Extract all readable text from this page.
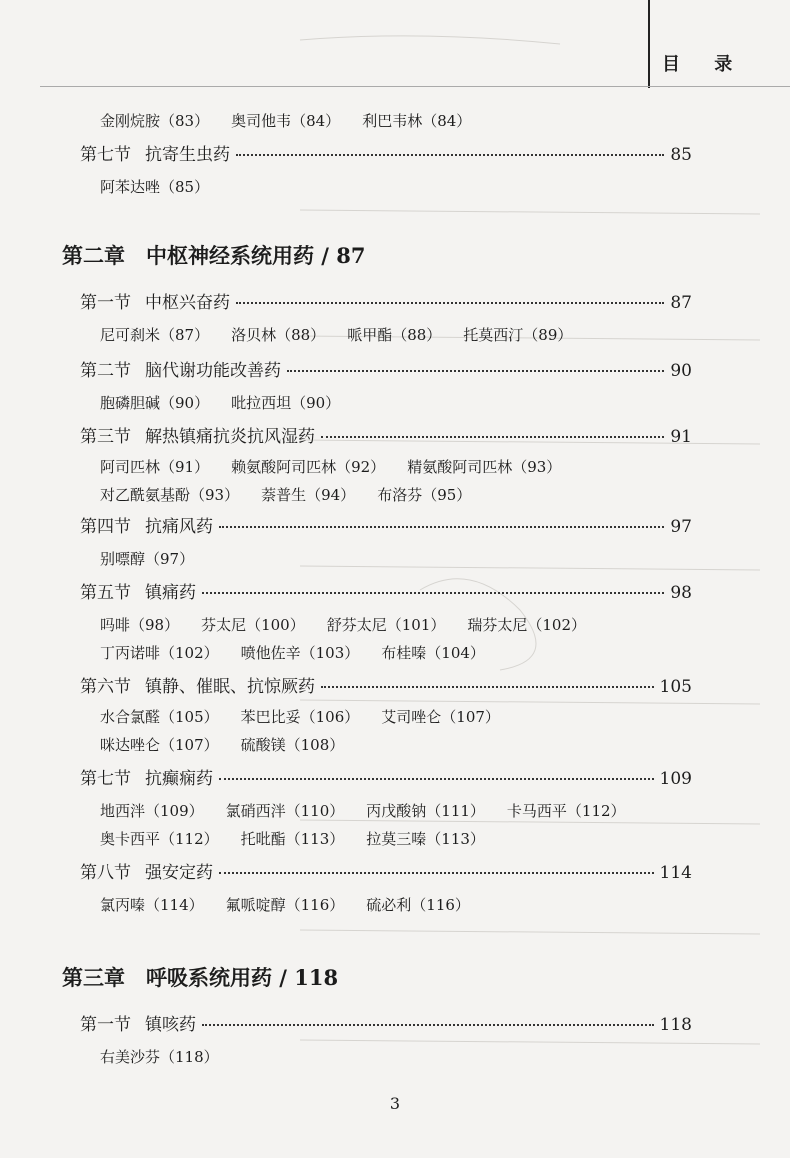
目 录
金刚烷胺（83） 奥司他韦（84） 利巴韦林（84）
第七节 抗寄生虫药	85
阿苯达唑（85）
第二章　中枢神经系统用药 / 87
第一节 中枢兴奋药	87
尼可刹米（87） 洛贝林（88） 哌甲酯（88） 托莫西汀（89）
第二节 脑代谢功能改善药	90
胞磷胆碱（90） 吡拉西坦（90）
第三节 解热镇痛抗炎抗风湿药	91
阿司匹林（91） 赖氨酸阿司匹林（92） 精氨酸阿司匹林（93）
对乙酰氨基酚（93） 萘普生（94） 布洛芬（95）
第四节 抗痛风药	97
别嘌醇（97）
第五节 镇痛药	98
吗啡（98） 芬太尼（100） 舒芬太尼（101） 瑞芬太尼（102）
丁丙诺啡（102） 喷他佐辛（103） 布桂嗪（104）
第六节 镇静、催眠、抗惊厥药	105
水合氯醛（105） 苯巴比妥（106） 艾司唑仑（107）
咪达唑仑（107） 硫酸镁（108）
第七节 抗癫痫药	109
地西泮（109） 氯硝西泮（110） 丙戊酸钠（111） 卡马西平（112）
奥卡西平（112） 托吡酯（113） 拉莫三嗪（113）
第八节 强安定药	114
氯丙嗪（114） 氟哌啶醇（116） 硫必利（116）
第三章　呼吸系统用药 / 118
第一节 镇咳药	118
右美沙芬（118）
3
